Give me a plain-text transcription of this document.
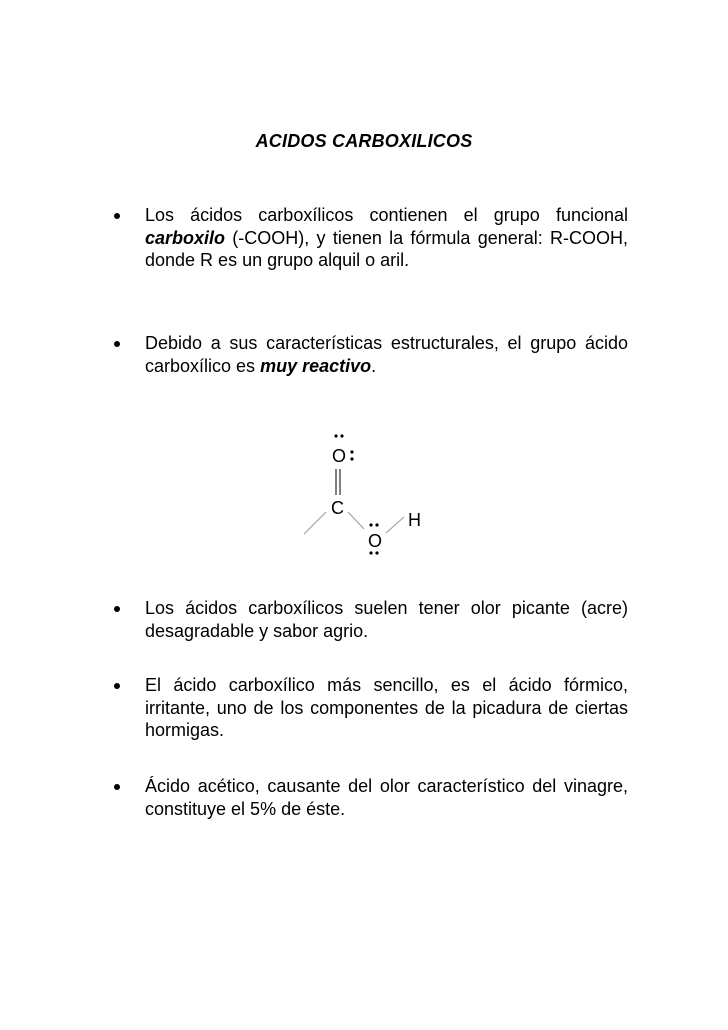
ACIDOS CARBOXILICOS
Los ácidos carboxílicos contienen el grupo funcional carboxilo (-COOH), y tienen la fórmula general: R-COOH, donde R es un grupo alquil o aril.
Debido a sus características estructurales, el grupo ácido carboxílico es muy reactivo.
O
C
O
H
Los ácidos carboxílicos suelen tener olor picante (acre) desagradable y sabor agrio.
El ácido carboxílico más sencillo, es el ácido fórmico, irritante, uno de los componentes de la picadura de ciertas hormigas.
Ácido acético, causante del olor característico del vinagre, constituye el 5% de éste.
